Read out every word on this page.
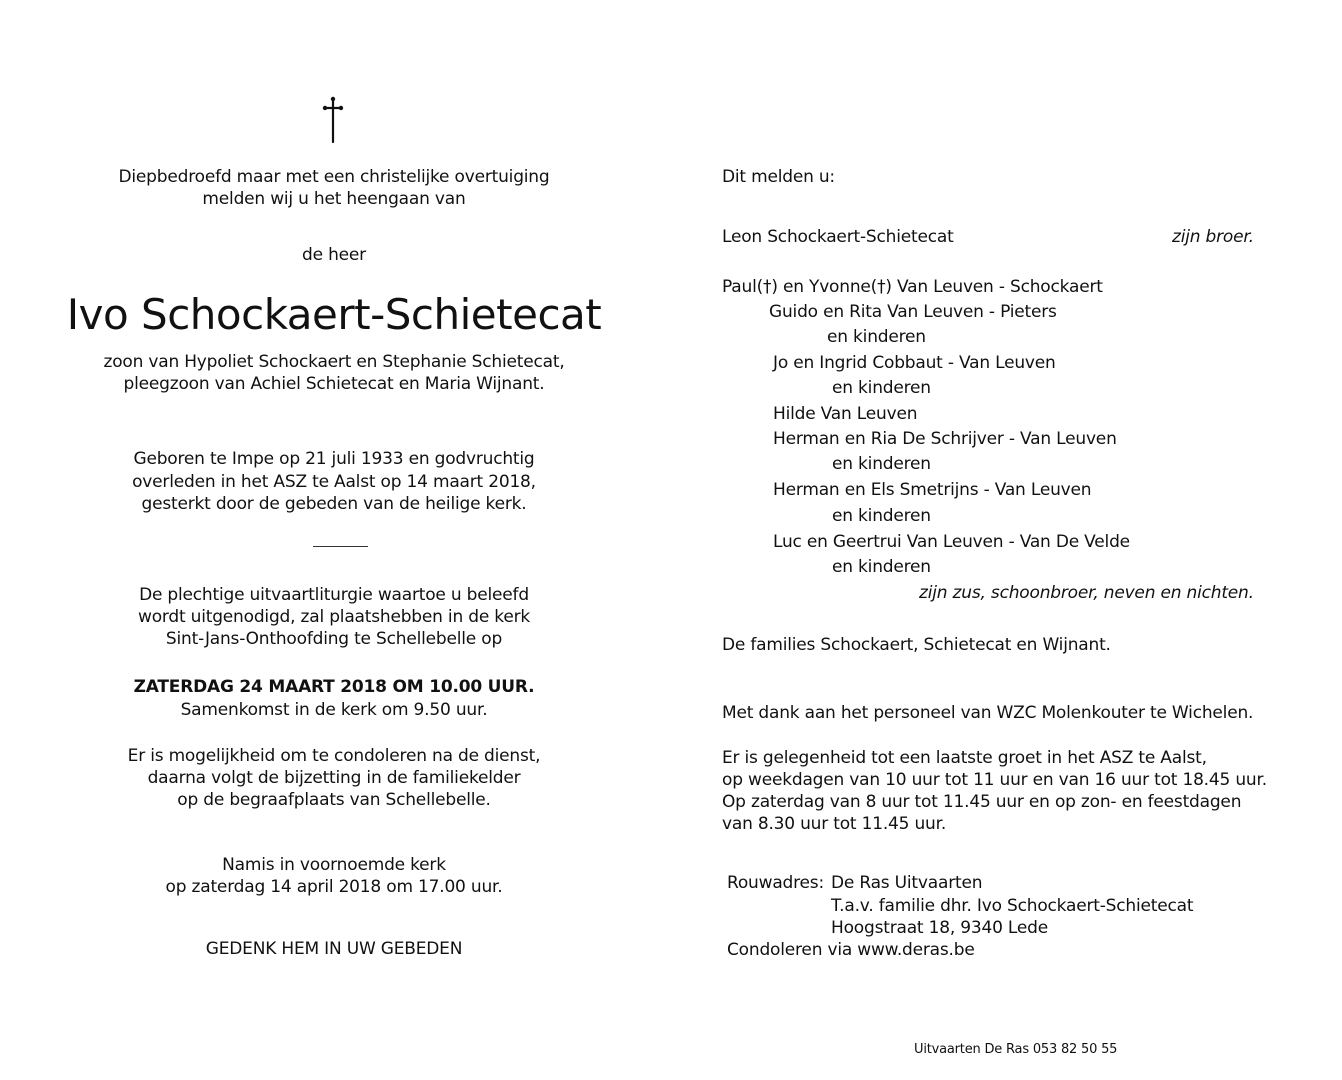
Diepbedroefd maar met een christelijke overtuiging
melden wij u het heengaan van
de heer
Ivo Schockaert-Schietecat
zoon van Hypoliet Schockaert en Stephanie Schietecat,
pleegzoon van Achiel Schietecat en Maria Wijnant.
Geboren te Impe op 21 juli 1933 en godvruchtig
overleden in het ASZ te Aalst op 14 maart 2018,
gesterkt door de gebeden van de heilige kerk.
De plechtige uitvaartliturgie waartoe u beleefd
wordt uitgenodigd, zal plaatshebben in de kerk
Sint-Jans-Onthoofding te Schellebelle op
ZATERDAG 24 MAART 2018 OM 10.00 UUR.
Samenkomst in de kerk om 9.50 uur.
Er is mogelijkheid om te condoleren na de dienst,
daarna volgt de bijzetting in de familiekelder
op de begraafplaats van Schellebelle.
Namis in voornoemde kerk
op zaterdag 14 april 2018 om 17.00 uur.
GEDENK HEM IN UW GEBEDEN
Dit melden u:
Leon Schockaert-Schietecat	zijn broer.
Paul(†) en Yvonne(†) Van Leuven - Schockaert
Guido en Rita Van Leuven - Pieters
en kinderen
Jo en Ingrid Cobbaut - Van Leuven
en kinderen
Hilde Van Leuven
Herman en Ria De Schrijver - Van Leuven
en kinderen
Herman en Els Smetrijns - Van Leuven
en kinderen
Luc en Geertrui Van Leuven - Van De Velde
en kinderen
zijn zus, schoonbroer, neven en nichten.
De families Schockaert, Schietecat en Wijnant.
Met dank aan het personeel van WZC Molenkouter te Wichelen.
Er is gelegenheid tot een laatste groet in het ASZ te Aalst,
op weekdagen van 10 uur tot 11 uur en van 16 uur tot 18.45 uur.
Op zaterdag van 8 uur tot 11.45 uur en op zon- en feestdagen
van 8.30 uur tot 11.45 uur.
Rouwadres: De Ras Uitvaarten
T.a.v. familie dhr. Ivo Schockaert-Schietecat
Hoogstraat 18, 9340 Lede
Condoleren via www.deras.be
Uitvaarten De Ras 053 82 50 55
